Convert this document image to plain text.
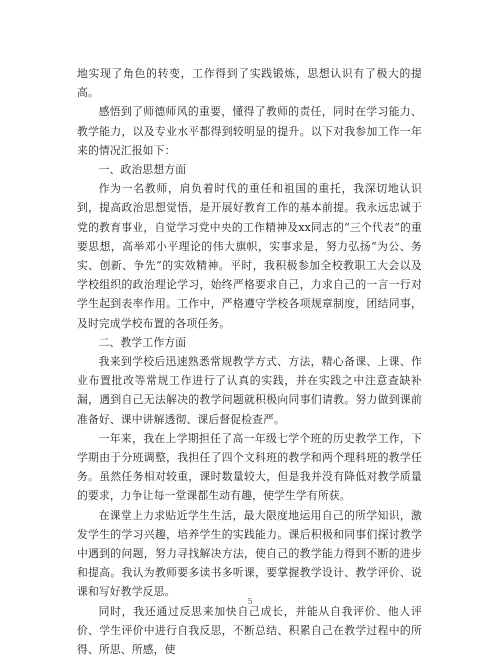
地实现了角色的转变，工作得到了实践锻炼，思想认识有了极大的提高。

感悟到了师德师风的重要，懂得了教师的责任，同时在学习能力、教学能力，以及专业水平都得到较明显的提升。以下对我参加工作一年来的情况汇报如下：

一、政治思想方面

作为一名教师，肩负着时代的重任和祖国的重托，我深切地认识到，提高政治思想觉悟，是开展好教育工作的基本前提。我永远忠诚于党的教育事业，自觉学习党中央的工作精神及xx同志的“三个代表”的重要思想，高举邓小平理论的伟大旗帜，实事求是，努力弘扬“为公、务实、创新、争先”的实效精神。平时，我积极参加全校教职工大会以及学校组织的政治理论学习，始终严格要求自己，力求自己的一言一行对学生起到表率作用。工作中，严格遵守学校各项规章制度，团结同事，及时完成学校布置的各项任务。

二、教学工作方面

我来到学校后迅速熟悉常规教学方式、方法，精心备课、上课、作业布置批改等常规工作进行了认真的实践，并在实践之中注意查缺补漏，遇到自己无法解决的教学问题就积极向同事们请教。努力做到课前准备好、课中讲解透彻、课后督促检查严。

一年来，我在上学期担任了高一年级七学个班的历史教学工作，下学期由于分班调整，我担任了四个文科班的教学和两个理科班的教学任务。虽然任务相对较重，课时数量较大，但是我并没有降低对教学质量的要求，力争让每一堂课都生动有趣，使学生学有所获。

在课堂上力求贴近学生生活，最大限度地运用自己的所学知识，激发学生的学习兴趣，培养学生的实践能力。课后积极和同事们探讨教学中遇到的问题，努力寻找解决方法，使自己的教学能力得到不断的进步和提高。我认为教师要多读书多听课，要掌握教学设计、教学评价、说课和写好教学反思。

同时，我还通过反思来加快自己成长，并能从自我评价、他人评价、学生评价中进行自我反思，不断总结、积累自己在教学过程中的所得、所思、所感，使

5
